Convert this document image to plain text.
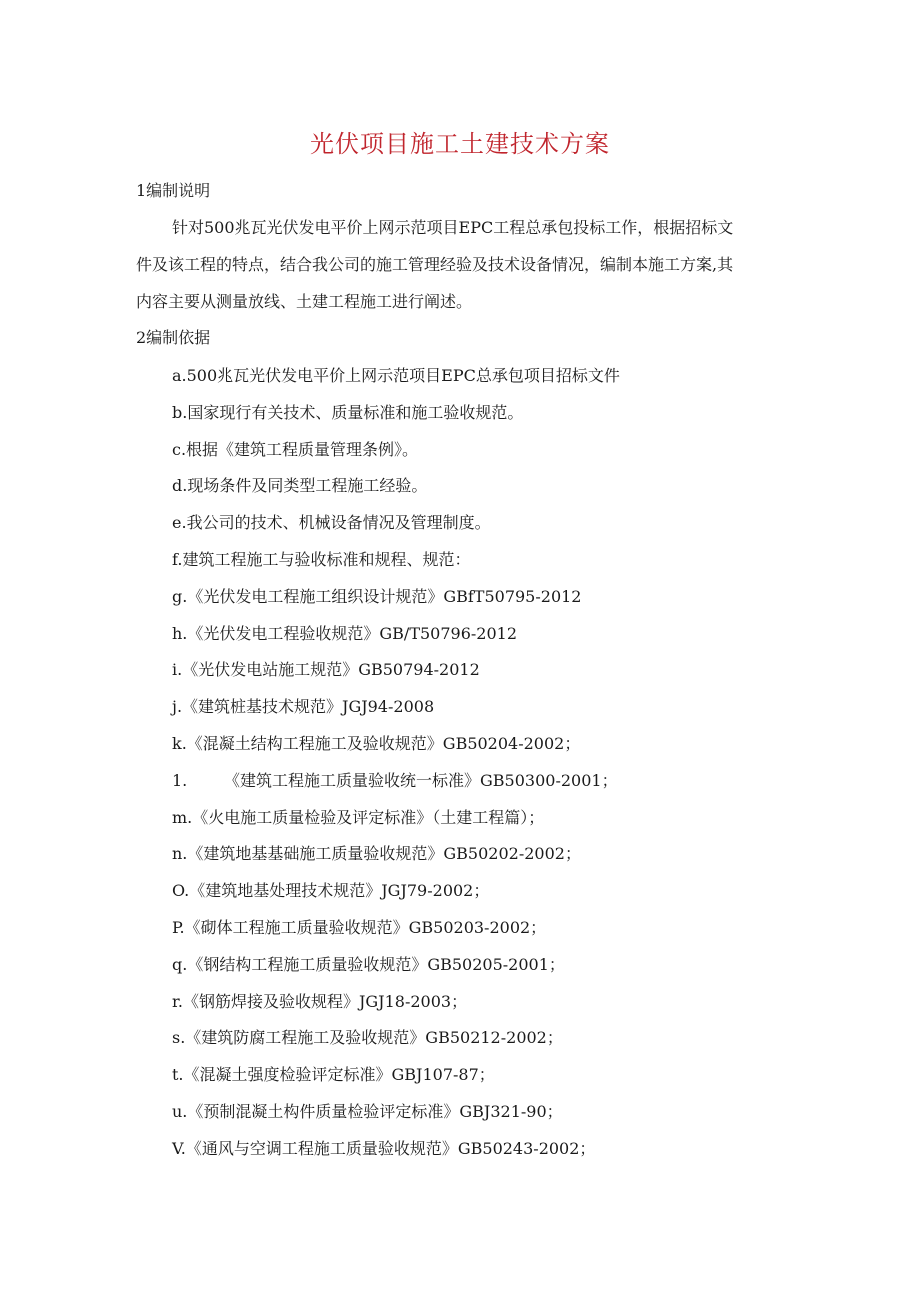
光伏项目施工土建技术方案
1编制说明
针对500兆瓦光伏发电平价上网示范项目EPC工程总承包投标工作，根据招标文
件及该工程的特点，结合我公司的施工管理经验及技术设备情况，编制本施工方案,其
内容主要从测量放线、土建工程施工进行阐述。
2编制依据
a.500兆瓦光伏发电平价上网示范项目EPC总承包项目招标文件
b.国家现行有关技术、质量标准和施工验收规范。
c.根据《建筑工程质量管理条例》。
d.现场条件及同类型工程施工经验。
e.我公司的技术、机械设备情况及管理制度。
f.建筑工程施工与验收标准和规程、规范：
g.《光伏发电工程施工组织设计规范》GBfT50795-2012
h.《光伏发电工程验收规范》GB/T50796-2012
i.《光伏发电站施工规范》GB50794-2012
j.《建筑桩基技术规范》JGJ94-2008
k.《混凝土结构工程施工及验收规范》GB50204-2002；
1. 《建筑工程施工质量验收统一标准》GB50300-2001；
m.《火电施工质量检验及评定标准》（土建工程篇）；
n.《建筑地基基础施工质量验收规范》GB50202-2002；
O.《建筑地基处理技术规范》JGJ79-2002；
P.《砌体工程施工质量验收规范》GB50203-2002；
q.《钢结构工程施工质量验收规范》GB50205-2001；
r.《钢筋焊接及验收规程》JGJ18-2003；
s.《建筑防腐工程施工及验收规范》GB50212-2002；
t.《混凝土强度检验评定标准》GBJ107-87；
u.《预制混凝土构件质量检验评定标准》GBJ321-90；
V.《通风与空调工程施工质量验收规范》GB50243-2002；
